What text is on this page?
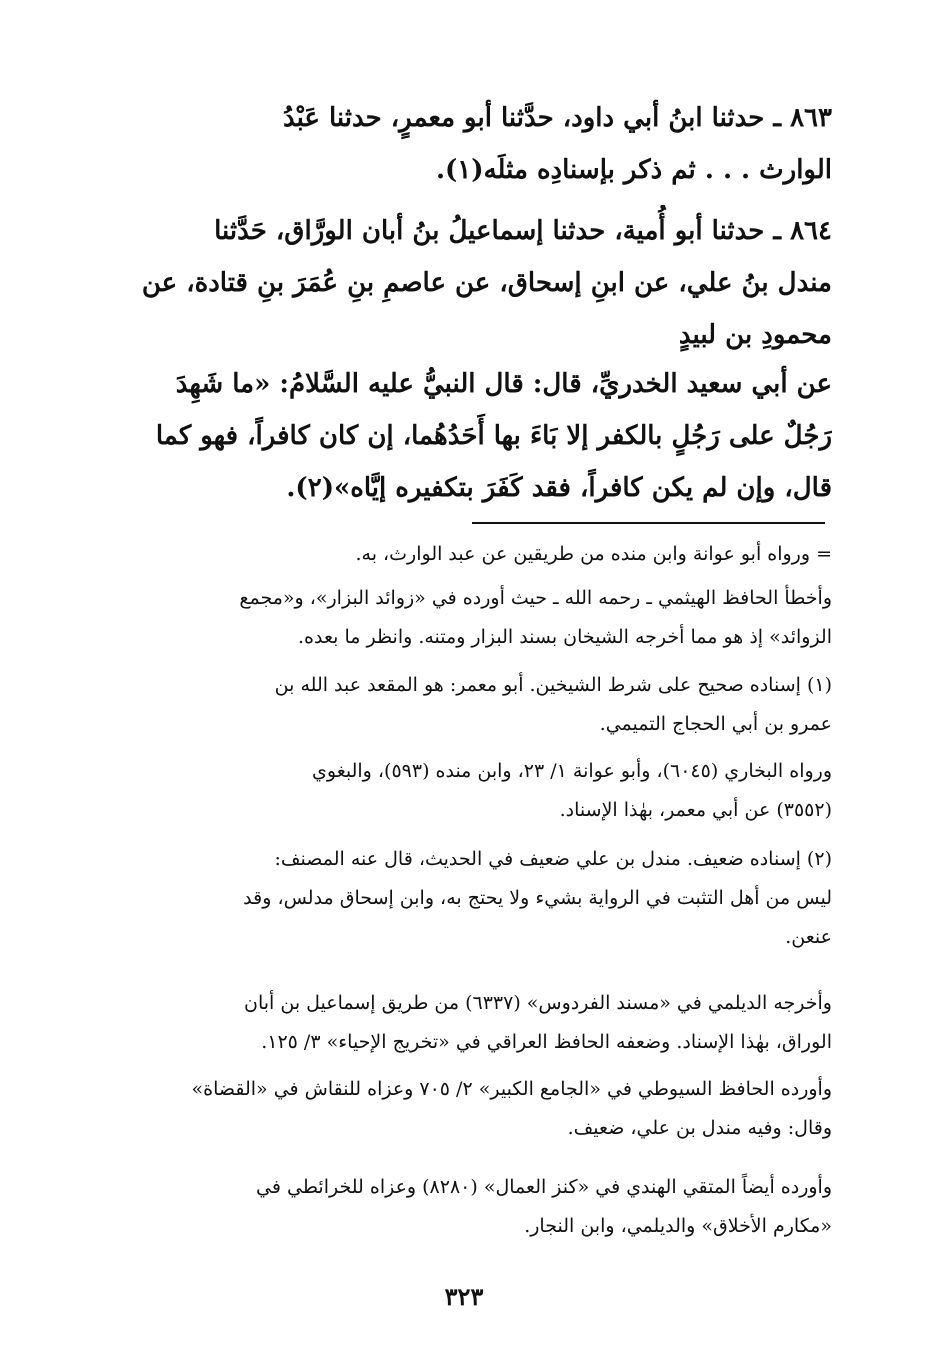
٨٦٣ ـ حدثنا ابنُ أبي داود، حدَّثنا أبو معمرٍ، حدثنا عَبْدُ
الوارث . . . ثم ذكر بإسنادِه مثلَه(١).
٨٦٤ ـ حدثنا أبو أُمية، حدثنا إسماعيلُ بنُ أبان الورَّاق، حَدَّثنا
مندل بنُ علي، عن ابنِ إسحاق، عن عاصمِ بنِ عُمَرَ بنِ قتادة، عن
محمودِ بن لبيدٍ
عن أبي سعيد الخدريِّ، قال: قال النبيُّ عليه السَّلامُ: «ما شَهِدَ
رَجُلٌ على رَجُلٍ بالكفر إلا بَاءَ بها أَحَدُهُما، إن كان كافراً، فهو كما
قال، وإن لم يكن كافراً، فقد كَفَرَ بتكفيره إيَّاه»(٢).
= ورواه أبو عوانة وابن منده من طريقين عن عبد الوارث، به.
وأخطأ الحافظ الهيثمي ـ رحمه الله ـ حيث أورده في «زوائد البزار»، و«مجمع
الزوائد» إذ هو مما أخرجه الشيخان بسند البزار ومتنه. وانظر ما بعده.
(١) إسناده صحيح على شرط الشيخين. أبو معمر: هو المقعد عبد الله بن
عمرو بن أبي الحجاج التميمي.
ورواه البخاري (٦٠٤٥)، وأبو عوانة ١/ ٢٣، وابن منده (٥٩٣)، والبغوي
(٣٥٥٢) عن أبي معمر، بهٰذا الإسناد.
(٢) إسناده ضعيف. مندل بن علي ضعيف في الحديث، قال عنه المصنف:
ليس من أهل التثبت في الرواية بشيء ولا يحتج به، وابن إسحاق مدلس، وقد
عنعن.
وأخرجه الديلمي في «مسند الفردوس» (٦٣٣٧) من طريق إسماعيل بن أبان
الوراق، بهٰذا الإسناد. وضعفه الحافظ العراقي في «تخريج الإحياء» ٣/ ١٢٥.
وأورده الحافظ السيوطي في «الجامع الكبير» ٢/ ٧٠٥ وعزاه للنقاش في «القضاة»
وقال: وفيه مندل بن علي، ضعيف.
وأورده أيضاً المتقي الهندي في «كنز العمال» (٨٢٨٠) وعزاه للخرائطي في
«مكارم الأخلاق» والديلمي، وابن النجار.
٣٢٣
